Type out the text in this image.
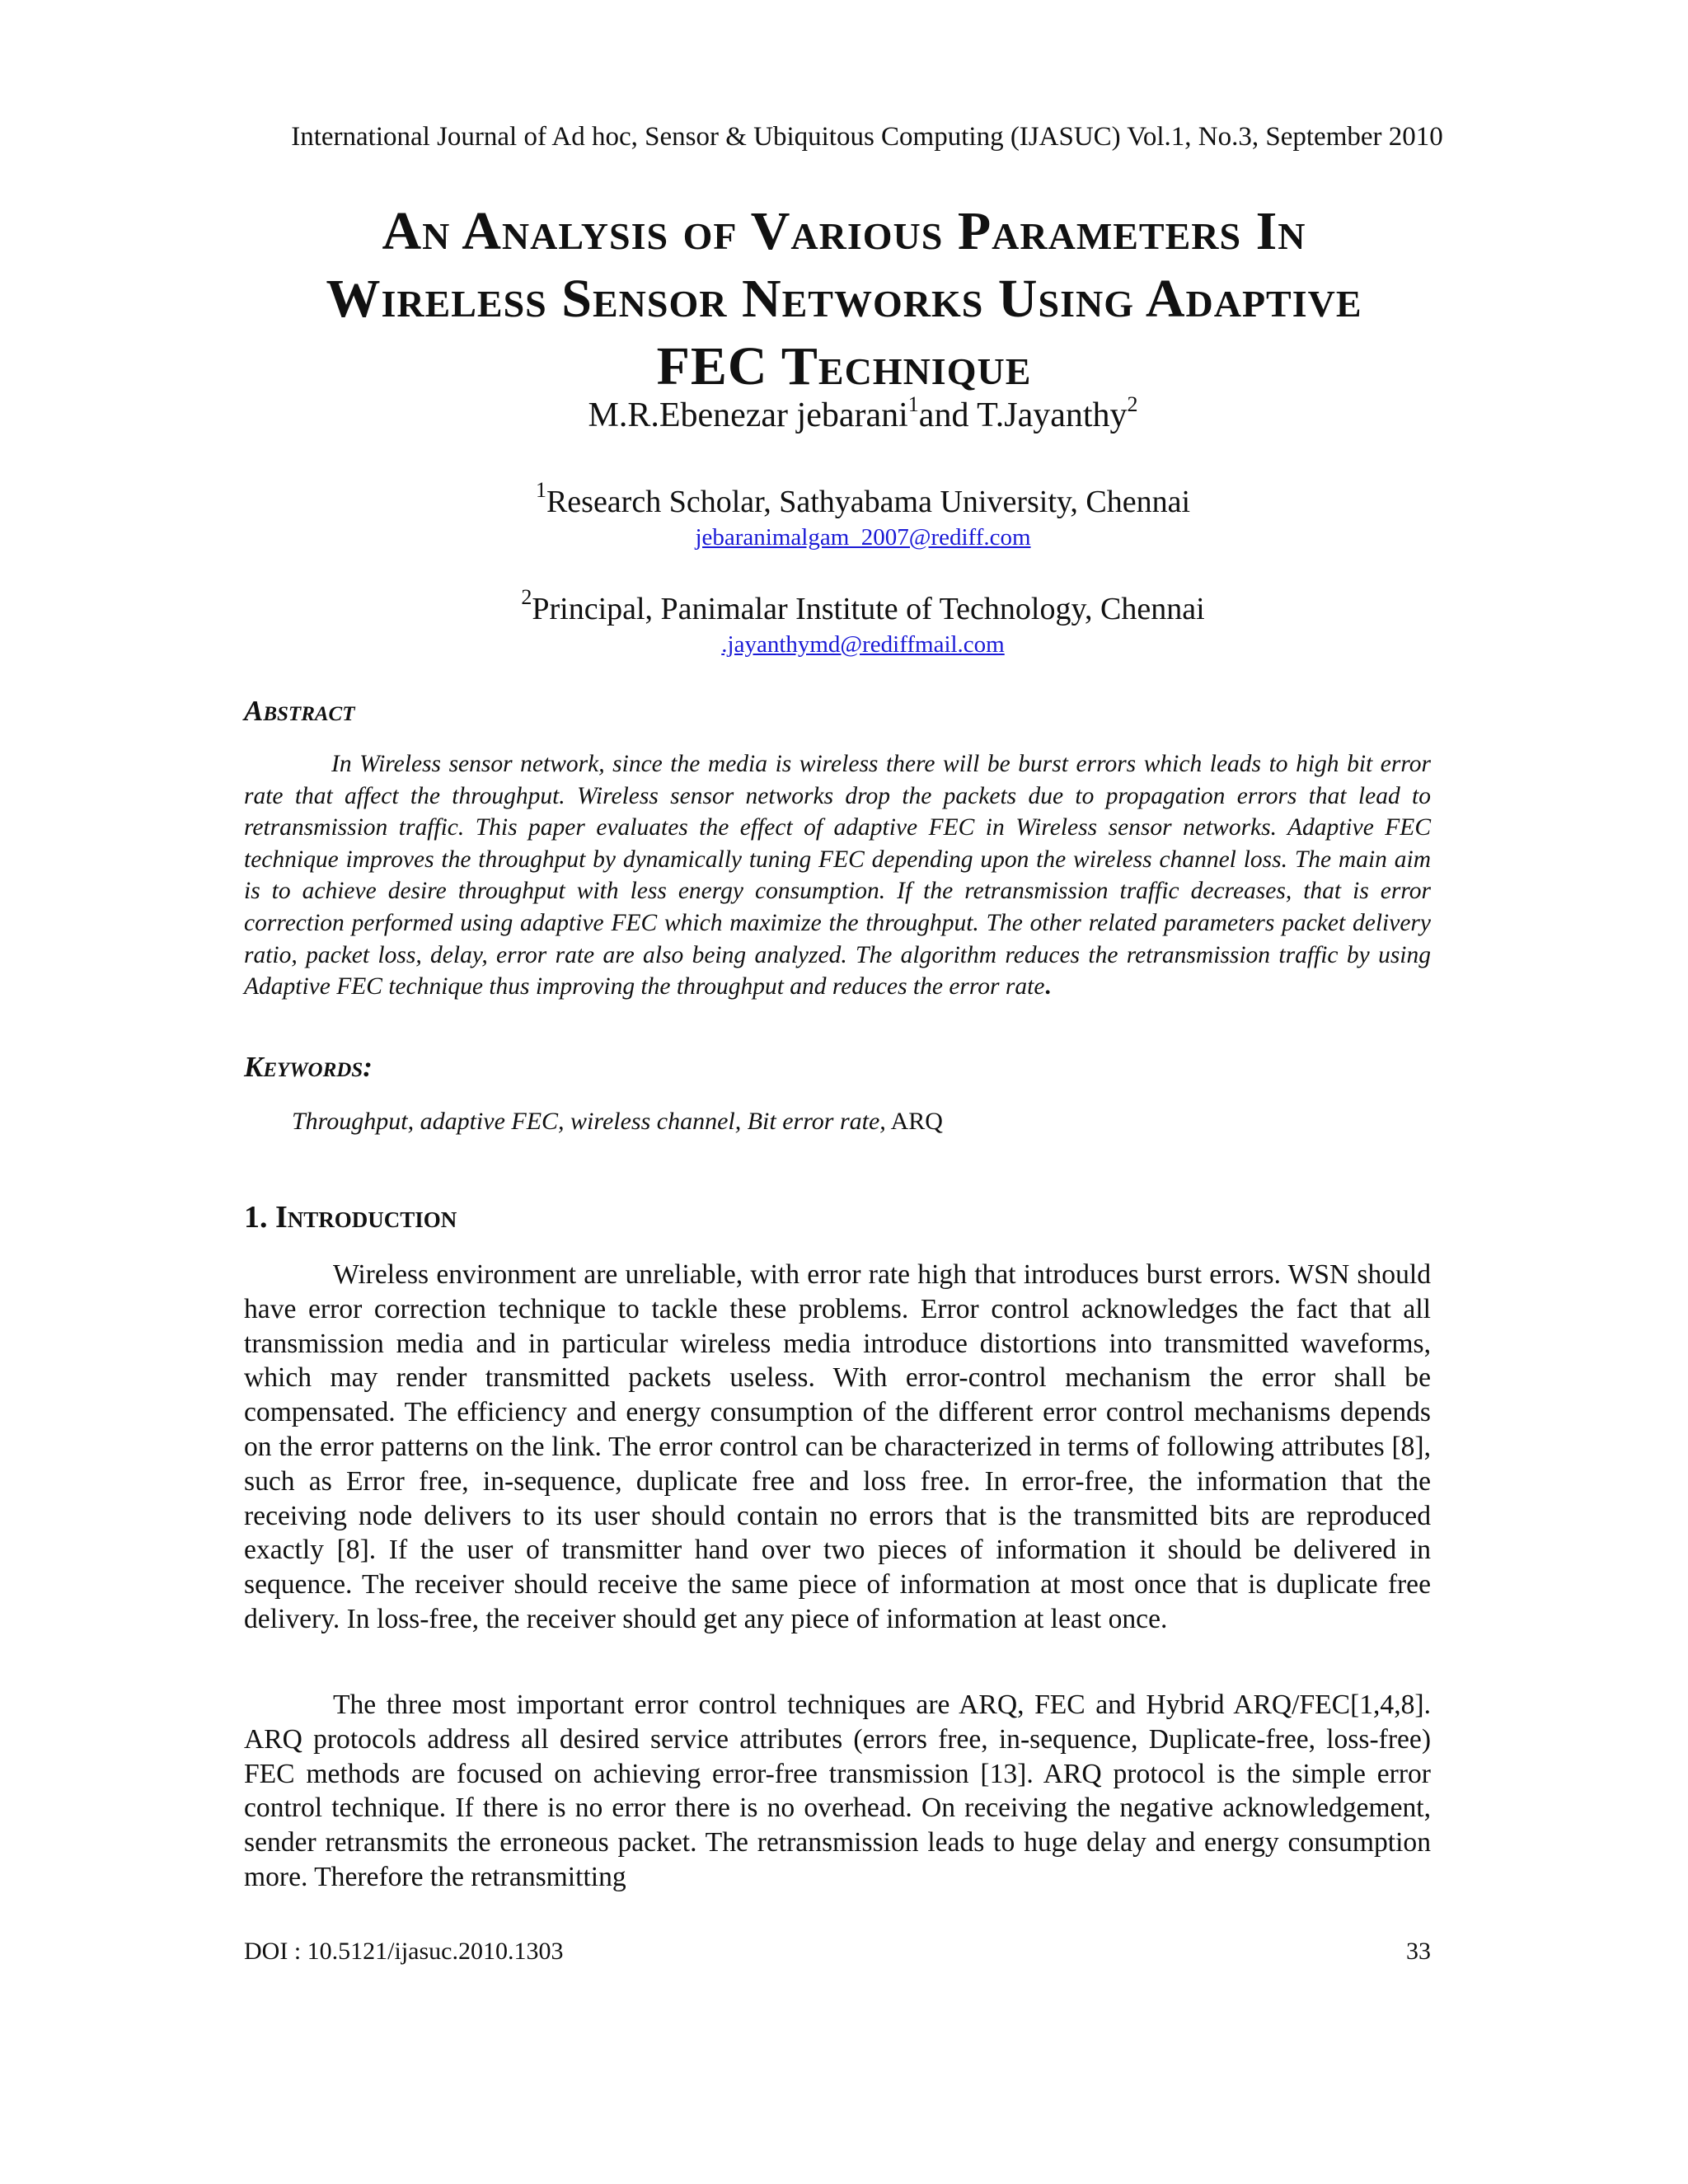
International Journal of Ad hoc, Sensor & Ubiquitous Computing (IJASUC) Vol.1, No.3, September 2010
An Analysis of Various Parameters In
Wireless Sensor Networks Using Adaptive
FEC Technique
M.R.Ebenezar jebarani$^1$and T.Jayanthy$^2$
$^1$Research Scholar, Sathyabama University, Chennai
jebaranimalgam_2007@rediff.com
$^2$Principal, Panimalar Institute of Technology, Chennai
.jayanthymd@rediffmail.com
Abstract

In Wireless sensor network, since the media is wireless there will be burst errors which leads to high bit error rate that affect the throughput. Wireless sensor networks drop the packets due to propagation errors that lead to retransmission traffic. This paper evaluates the effect of adaptive FEC in Wireless sensor networks. Adaptive FEC technique improves the throughput by dynamically tuning FEC depending upon the wireless channel loss. The main aim is to achieve desire throughput with less energy consumption. If the retransmission traffic decreases, that is error correction performed using adaptive FEC which maximize the throughput. The other related parameters packet delivery ratio, packet loss, delay, error rate are also being analyzed. The algorithm reduces the retransmission traffic by using Adaptive FEC technique thus improving the throughput and reduces the error rate.

Keywords:

Throughput, adaptive FEC, wireless channel, Bit error rate, ARQ

1. Introduction

Wireless environment are unreliable, with error rate high that introduces burst errors. WSN should have error correction technique to tackle these problems. Error control acknowledges the fact that all transmission media and in particular wireless media introduce distortions into transmitted waveforms, which may render transmitted packets useless. With error-control mechanism the error shall be compensated. The efficiency and energy consumption of the different error control mechanisms depends on the error patterns on the link. The error control can be characterized in terms of following attributes [8], such as Error free, in-sequence, duplicate free and loss free. In error-free, the information that the receiving node delivers to its user should contain no errors that is the transmitted bits are reproduced exactly [8]. If the user of transmitter hand over two pieces of information it should be delivered in sequence. The receiver should receive the same piece of information at most once that is duplicate free delivery. In loss-free, the receiver should get any piece of information at least once.

The three most important error control techniques are ARQ, FEC and Hybrid ARQ/FEC[1,4,8]. ARQ protocols address all desired service attributes (errors free, in-sequence, Duplicate-free, loss-free) FEC methods are focused on achieving error-free transmission [13]. ARQ protocol is the simple error control technique. If there is no error there is no overhead. On receiving the negative acknowledgement, sender retransmits the erroneous packet. The retransmission leads to huge delay and energy consumption more. Therefore the retransmitting

DOI : 10.5121/ijasuc.2010.1303	33
